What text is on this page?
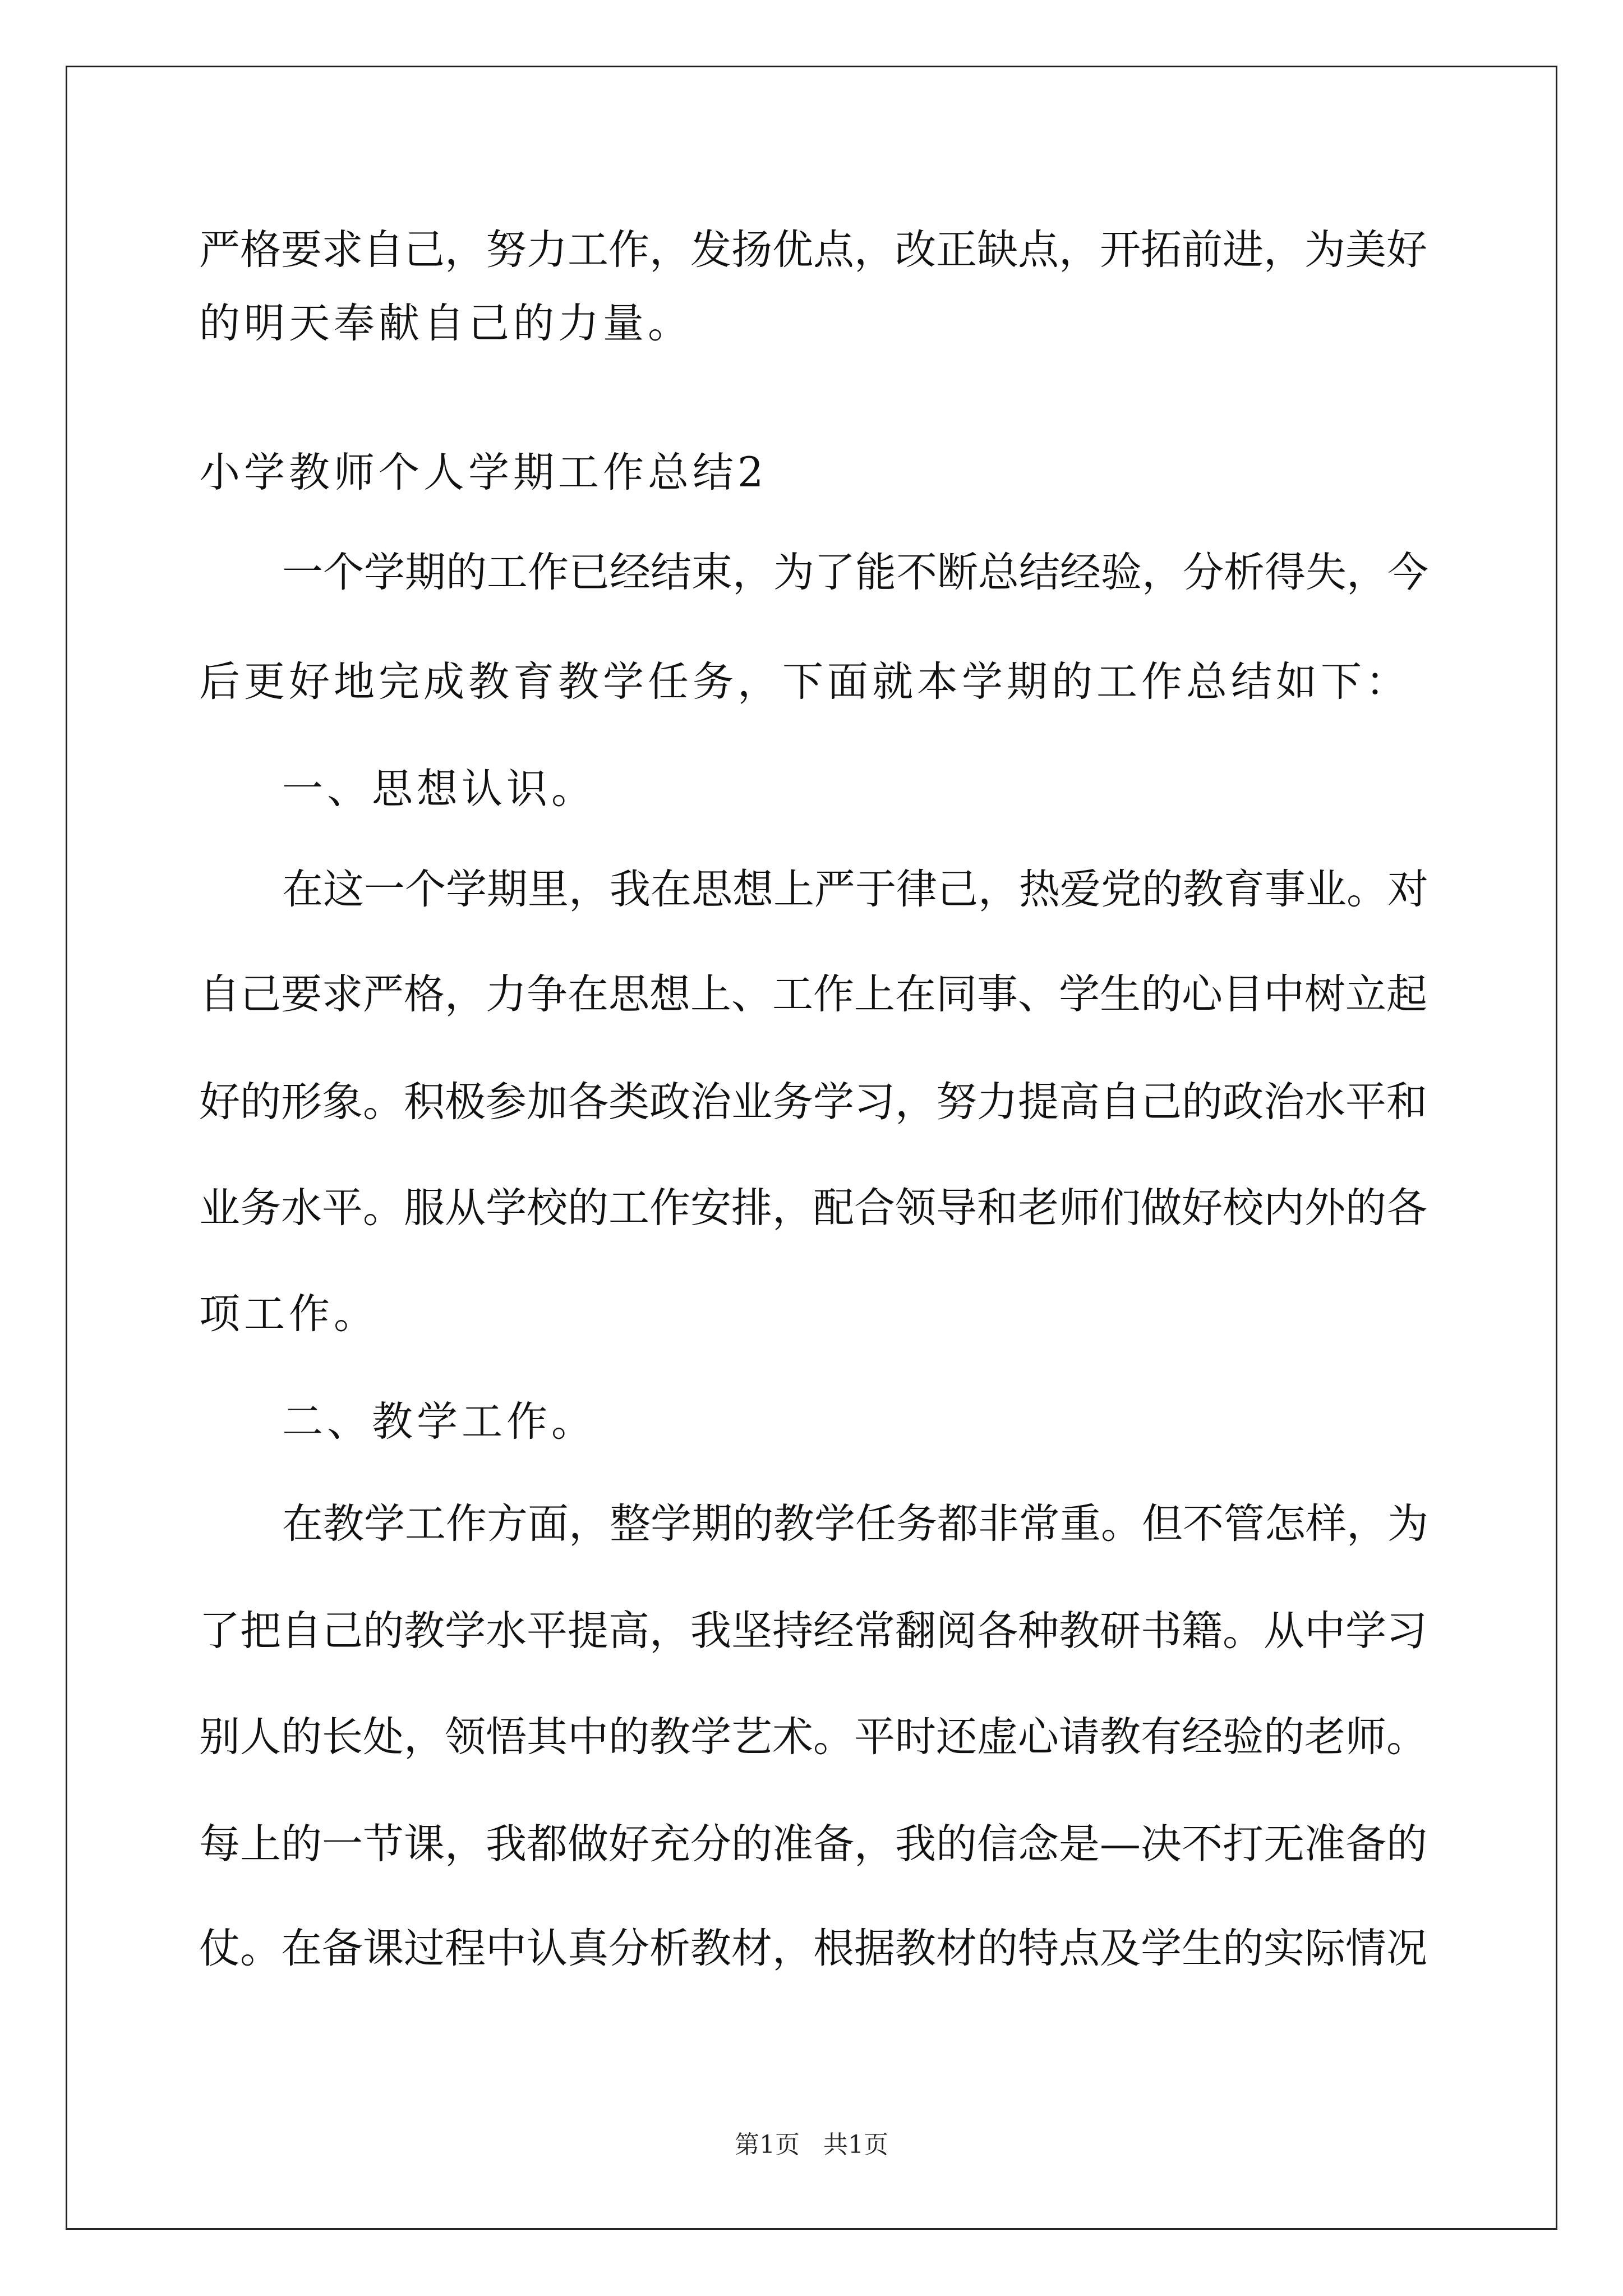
严格要求自己，努力工作，发扬优点，改正缺点，开拓前进，为美好
的明天奉献自己的力量。
小学教师个人学期工作总结2
一个学期的工作已经结束，为了能不断总结经验，分析得失，今
后更好地完成教育教学任务，下面就本学期的工作总结如下：
一、思想认识。
在这一个学期里，我在思想上严于律己，热爱党的教育事业。对
自己要求严格，力争在思想上、工作上在同事、学生的心目中树立起
好的形象。积极参加各类政治业务学习，努力提高自己的政治水平和
业务水平。服从学校的工作安排，配合领导和老师们做好校内外的各
项工作。
二、教学工作。
在教学工作方面，整学期的教学任务都非常重。但不管怎样，为
了把自己的教学水平提高，我坚持经常翻阅各种教研书籍。从中学习
别人的长处，领悟其中的教学艺术。平时还虚心请教有经验的老师。
每上的一节课，我都做好充分的准备，我的信念是—决不打无准备的
仗。在备课过程中认真分析教材，根据教材的特点及学生的实际情况
第1页   共1页
